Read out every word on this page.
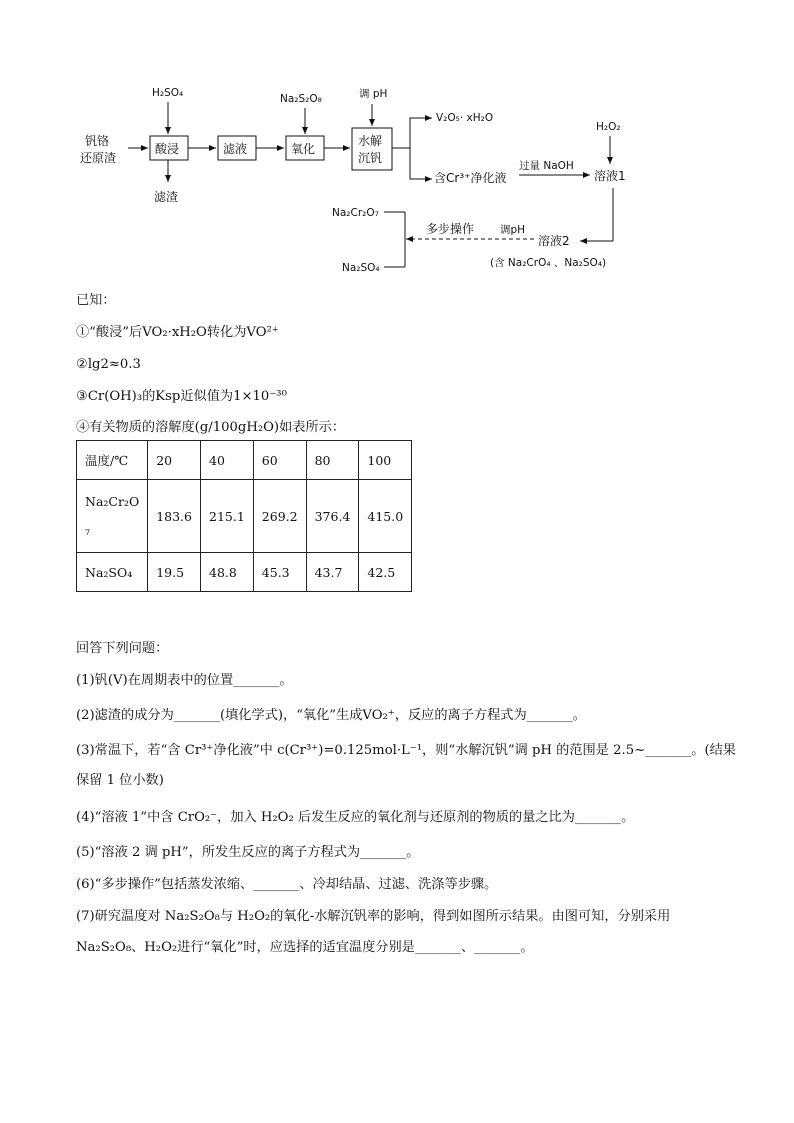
钒铬
还原渣
H₂SO₄
酸浸
滤渣
滤液
Na₂S₂O₈
氧化
调 pH
水解
沉钒
V₂O₅· xH₂O
含Cr³⁺净化液
过量 NaOH
H₂O₂
溶液1
溶液2
(含 Na₂CrO₄ 、Na₂SO₄)
调pH
多步操作
Na₂Cr₂O₇
Na₂SO₄
已知：
①“酸浸”后VO₂·xH₂O转化为VO²⁺
②lg2≈0.3
③Cr(OH)₃的Ksp近似值为1×10⁻³⁰
④有关物质的溶解度(g/100gH₂O)如表所示：
温度/℃	20	40	60	80	100

Na₂Cr₂O
₇	183.6	215.1	269.2	376.4	415.0
Na₂SO₄	19.5	48.8	45.3	43.7	42.5
回答下列问题：
(1)钒(V)在周期表中的位置_______。
(2)滤渣的成分为_______(填化学式)，“氧化”生成VO₂⁺，反应的离子方程式为_______。
(3)常温下，若“含 Cr³⁺净化液”中 c(Cr³⁺)=0.125mol·L⁻¹，则“水解沉钒”调 pH 的范围是 2.5~_______。(结果
保留 1 位小数)
(4)“溶液 1”中含 CrO₂⁻，加入 H₂O₂ 后发生反应的氧化剂与还原剂的物质的量之比为_______。
(5)“溶液 2 调 pH”，所发生反应的离子方程式为_______。
(6)“多步操作”包括蒸发浓缩、_______、冷却结晶、过滤、洗涤等步骤。
(7)研究温度对 Na₂S₂O₈与 H₂O₂的氧化-水解沉钒率的影响，得到如图所示结果。由图可知，分别采用
Na₂S₂O₈、H₂O₂进行“氧化”时，应选择的适宜温度分别是_______、_______。
